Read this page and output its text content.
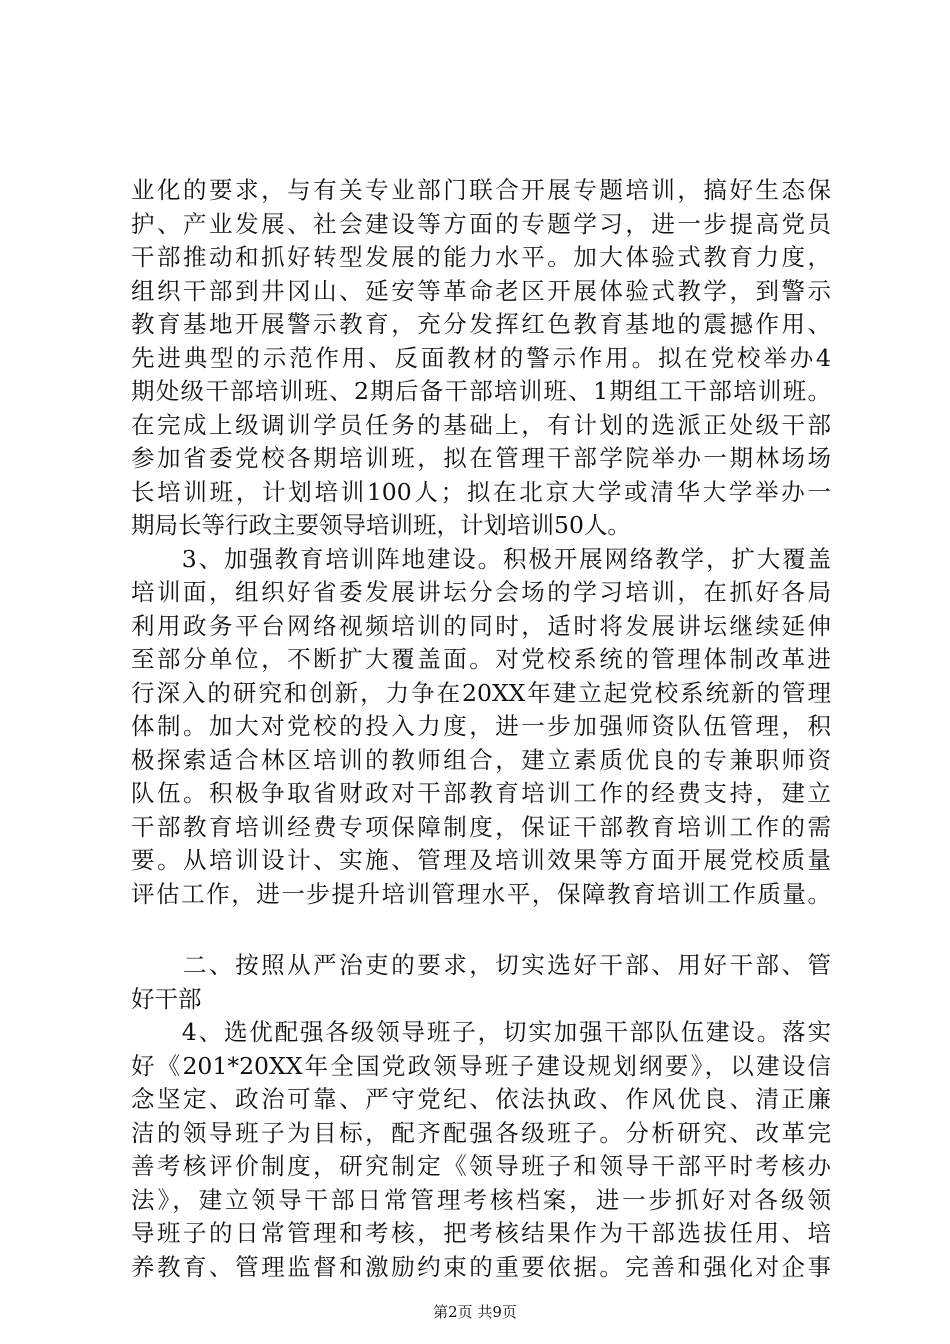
业化的要求，与有关专业部门联合开展专题培训，搞好生态保
护、产业发展、社会建设等方面的专题学习，进一步提高党员
干部推动和抓好转型发展的能力水平。加大体验式教育力度，
组织干部到井冈山、延安等革命老区开展体验式教学，到警示
教育基地开展警示教育，充分发挥红色教育基地的震撼作用、
先进典型的示范作用、反面教材的警示作用。拟在党校举办4
期处级干部培训班、2期后备干部培训班、1期组工干部培训班。
在完成上级调训学员任务的基础上，有计划的选派正处级干部
参加省委党校各期培训班，拟在管理干部学院举办一期林场场
长培训班，计划培训100人；拟在北京大学或清华大学举办一
期局长等行政主要领导培训班，计划培训50人。
　　3、加强教育培训阵地建设。积极开展网络教学，扩大覆盖
培训面，组织好省委发展讲坛分会场的学习培训，在抓好各局
利用政务平台网络视频培训的同时，适时将发展讲坛继续延伸
至部分单位，不断扩大覆盖面。对党校系统的管理体制改革进
行深入的研究和创新，力争在20XX年建立起党校系统新的管理
体制。加大对党校的投入力度，进一步加强师资队伍管理，积
极探索适合林区培训的教师组合，建立素质优良的专兼职师资
队伍。积极争取省财政对干部教育培训工作的经费支持，建立
干部教育培训经费专项保障制度，保证干部教育培训工作的需
要。从培训设计、实施、管理及培训效果等方面开展党校质量
评估工作，进一步提升培训管理水平，保障教育培训工作质量。
　　二、按照从严治吏的要求，切实选好干部、用好干部、管
好干部
　　4、选优配强各级领导班子，切实加强干部队伍建设。落实
好《201*20XX年全国党政领导班子建设规划纲要》，以建设信
念坚定、政治可靠、严守党纪、依法执政、作风优良、清正廉
洁的领导班子为目标，配齐配强各级班子。分析研究、改革完
善考核评价制度，研究制定《领导班子和领导干部平时考核办
法》，建立领导干部日常管理考核档案，进一步抓好对各级领
导班子的日常管理和考核，把考核结果作为干部选拔任用、培
养教育、管理监督和激励约束的重要依据。完善和强化对企事
第2页 共9页
